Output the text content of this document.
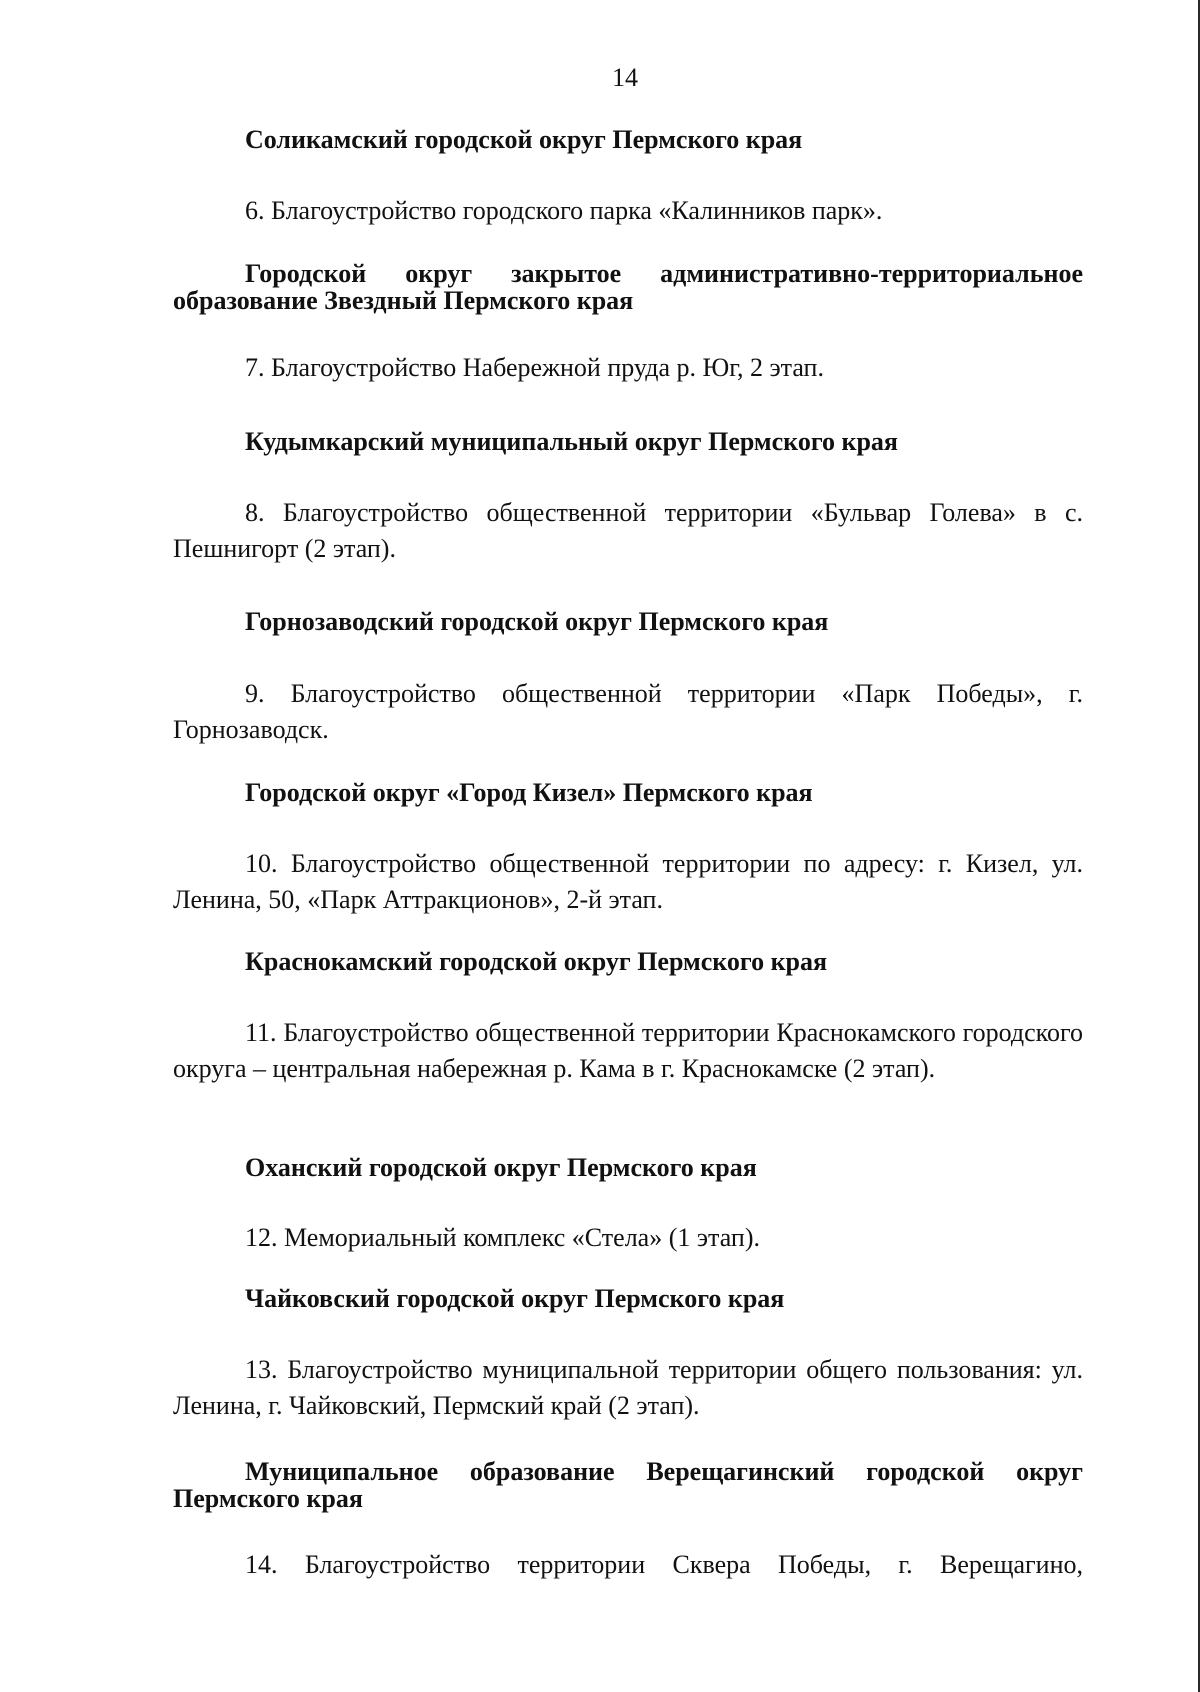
14

Соликамский городской округ Пермского края

6. Благоустройство городского парка «Калинников парк».

Городской округ закрытое административно-территориальное образование Звездный Пермского края

7. Благоустройство Набережной пруда р. Юг, 2 этап.

Кудымкарский муниципальный округ Пермского края

8. Благоустройство общественной территории «Бульвар Голева» в с. Пешнигорт (2 этап).

Горнозаводский городской округ Пермского края

9. Благоустройство общественной территории «Парк Победы», г. Горнозаводск.

Городской округ «Город Кизел» Пермского края

10. Благоустройство общественной территории по адресу: г. Кизел, ул. Ленина, 50, «Парк Аттракционов», 2-й этап.

Краснокамский городской округ Пермского края

11. Благоустройство общественной территории Краснокамского городского округа – центральная набережная р. Кама в г. Краснокамске (2 этап).

Оханский городской округ Пермского края

12. Мемориальный комплекс «Стела» (1 этап).

Чайковский городской округ Пермского края

13. Благоустройство муниципальной территории общего пользования: ул. Ленина, г. Чайковский, Пермский край (2 этап).

Муниципальное образование Верещагинский городской округ Пермского края

14. Благоустройство территории Сквера Победы, г. Верещагино,
